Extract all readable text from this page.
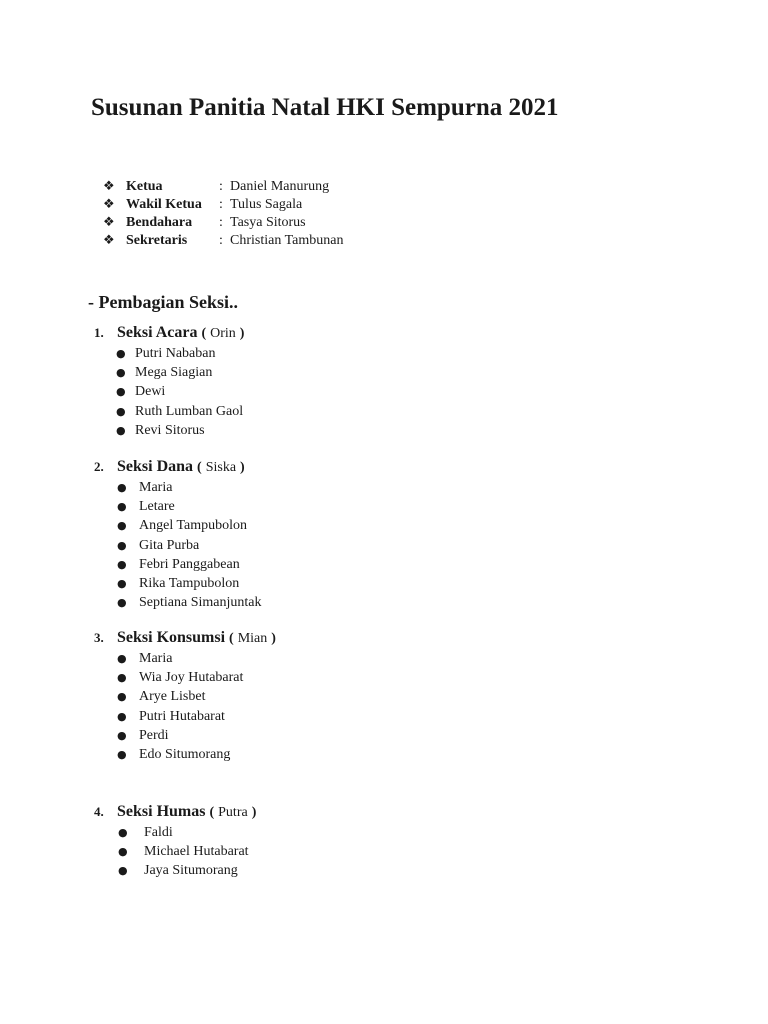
Susunan Panitia Natal HKI Sempurna 2021
❖ Ketua	: Daniel Manurung
❖ Wakil Ketua : Tulus Sagala
❖ Bendahara : Tasya Sitorus
❖ Sekretaris : Christian Tambunan
- Pembagian Seksi..
1. Seksi Acara ( Orin )
● Putri Nababan
● Mega Siagian
● Dewi
● Ruth Lumban Gaol
● Revi Sitorus
2. Seksi Dana ( Siska )
● Maria
● Letare
● Angel Tampubolon
● Gita Purba
● Febri Panggabean
● Rika Tampubolon
● Septiana Simanjuntak
3. Seksi Konsumsi ( Mian )
● Maria
● Wia Joy Hutabarat
● Arye Lisbet
● Putri Hutabarat
● Perdi
● Edo Situmorang
4. Seksi Humas ( Putra )
● Faldi
● Michael Hutabarat
● Jaya Situmorang
